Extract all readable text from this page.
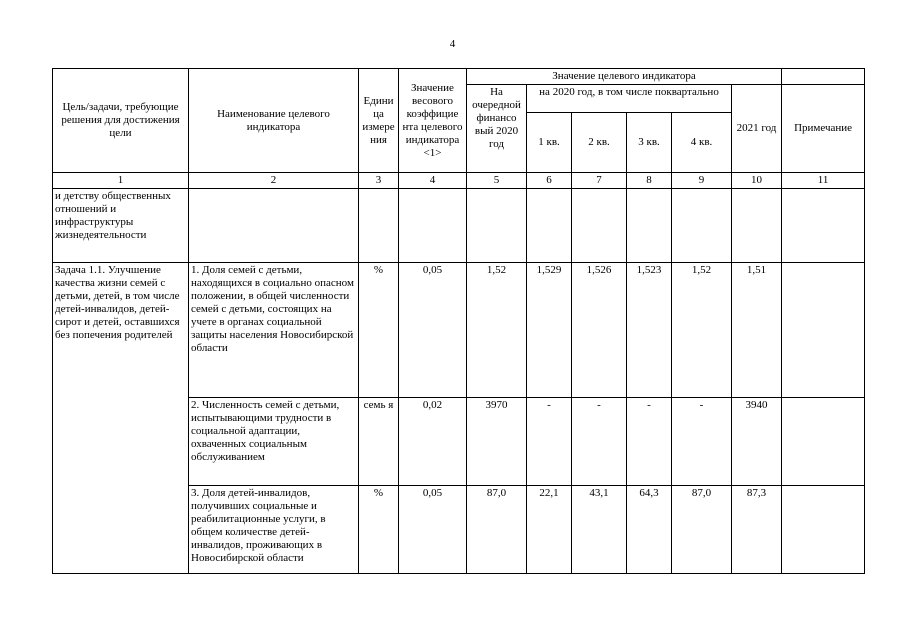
4
Цель/задачи, требующие решения для достижения цели	Наименование целевого индикатора	Едини ца измере ния	Значение весового коэффицие нта целевого индикатора <1>	Значение целевого индикатора						
				На очередной финансо вый 2020 год	на 2020 год, в том числе поквартально				2021 год	Примечание
					1 кв.	2 кв.	3 кв.	4 кв.		
1	2	3	4	5	6	7	8	9	10	11
и детству общественных отношений и инфраструктуры жизнедеятельности										
Задача 1.1. Улучшение качества жизни семей с детьми, детей, в том числе детей-инвалидов, детей-сирот и детей, оставшихся без попечения родителей	1. Доля семей с детьми, находящихся в социально опасном положении, в общей численности семей с детьми, состоящих на учете в органах социальной защиты населения Новосибирской области	%	0,05	1,52	1,529	1,526	1,523	1,52	1,51	
	2. Численность семей с детьми, испытывающими трудности в социальной адаптации, охваченных социальным обслуживанием	семь я	0,02	3970	-	-	-	-	3940	
	3. Доля детей-инвалидов, получивших социальные и реабилитационные услуги, в общем количестве детей-инвалидов, проживающих в Новосибирской области	%	0,05	87,0	22,1	43,1	64,3	87,0	87,3	
